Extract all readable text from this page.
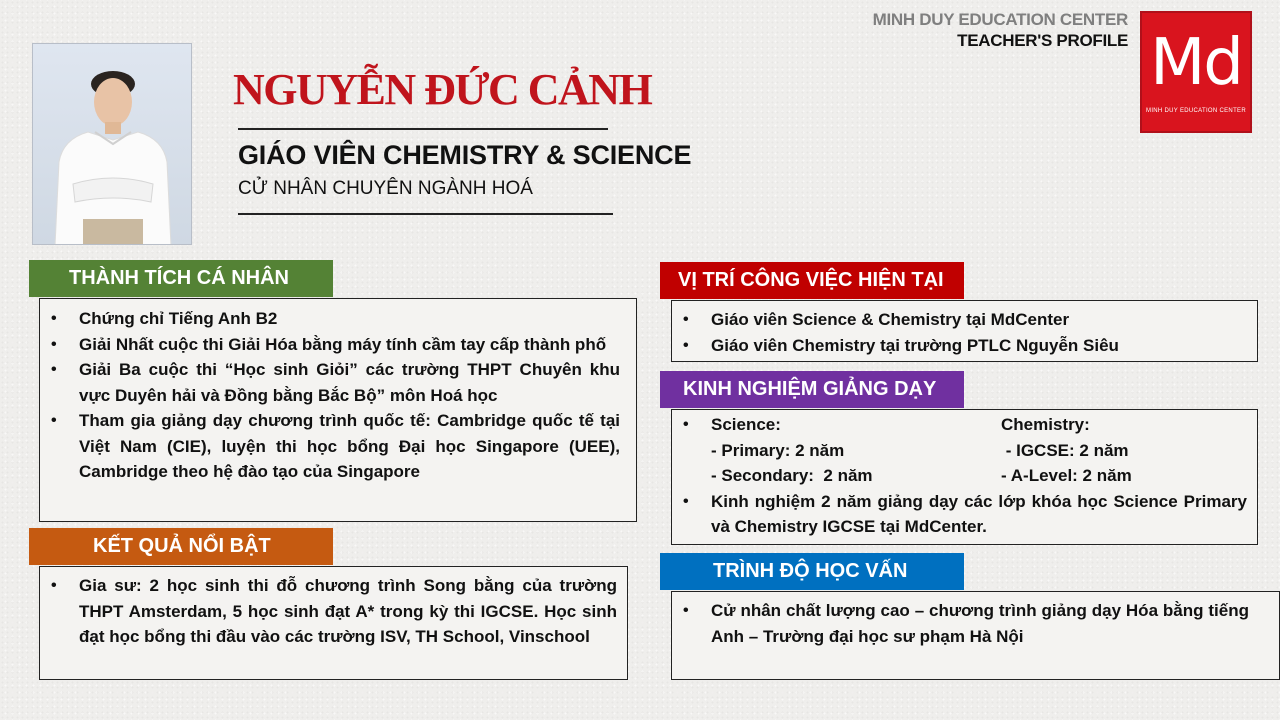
MINH DUY EDUCATION CENTER
TEACHER'S PROFILE Md
MINH DUY EDUCATION CENTER
NGUYỄN ĐỨC CẢNH
GIÁO VIÊN CHEMISTRY & SCIENCE
CỬ NHÂN CHUYÊN NGÀNH HOÁ
THÀNH TÍCH CÁ NHÂN
• Chứng chỉ Tiếng Anh B2
• Giải Nhất cuộc thi Giải Hóa bằng máy tính cầm tay cấp thành phố
• Giải Ba cuộc thi “Học sinh Giỏi” các trường THPT Chuyên khu vực Duyên hải và Đồng bằng Bắc Bộ” môn Hoá học
• Tham gia giảng dạy chương trình quốc tế: Cambridge quốc tế tại Việt Nam (CIE), luyện thi học bổng Đại học Singapore (UEE), Cambridge theo hệ đào tạo của Singapore
KẾT QUẢ NỔI BẬT
• Gia sư: 2 học sinh thi đỗ chương trình Song bằng của trường THPT Amsterdam, 5 học sinh đạt A* trong kỳ thi IGCSE. Học sinh đạt học bổng thi đầu vào các trường ISV, TH School, Vinschool
VỊ TRÍ CÔNG VIỆC HIỆN TẠI
• Giáo viên Science & Chemistry tại MdCenter
• Giáo viên Chemistry tại trường PTLC Nguyễn Siêu
KINH NGHIỆM GIẢNG DẠY
• Science:	Chemistry:
- Primary: 2 năm	- IGCSE: 2 năm
- Secondary:  2 năm	- A-Level: 2 năm
• Kinh nghiệm 2 năm giảng dạy các lớp khóa học Science Primary và Chemistry IGCSE tại MdCenter.
TRÌNH ĐỘ HỌC VẤN
• Cử nhân chất lượng cao – chương trình giảng dạy Hóa bằng tiếng Anh – Trường đại học sư phạm Hà Nội
